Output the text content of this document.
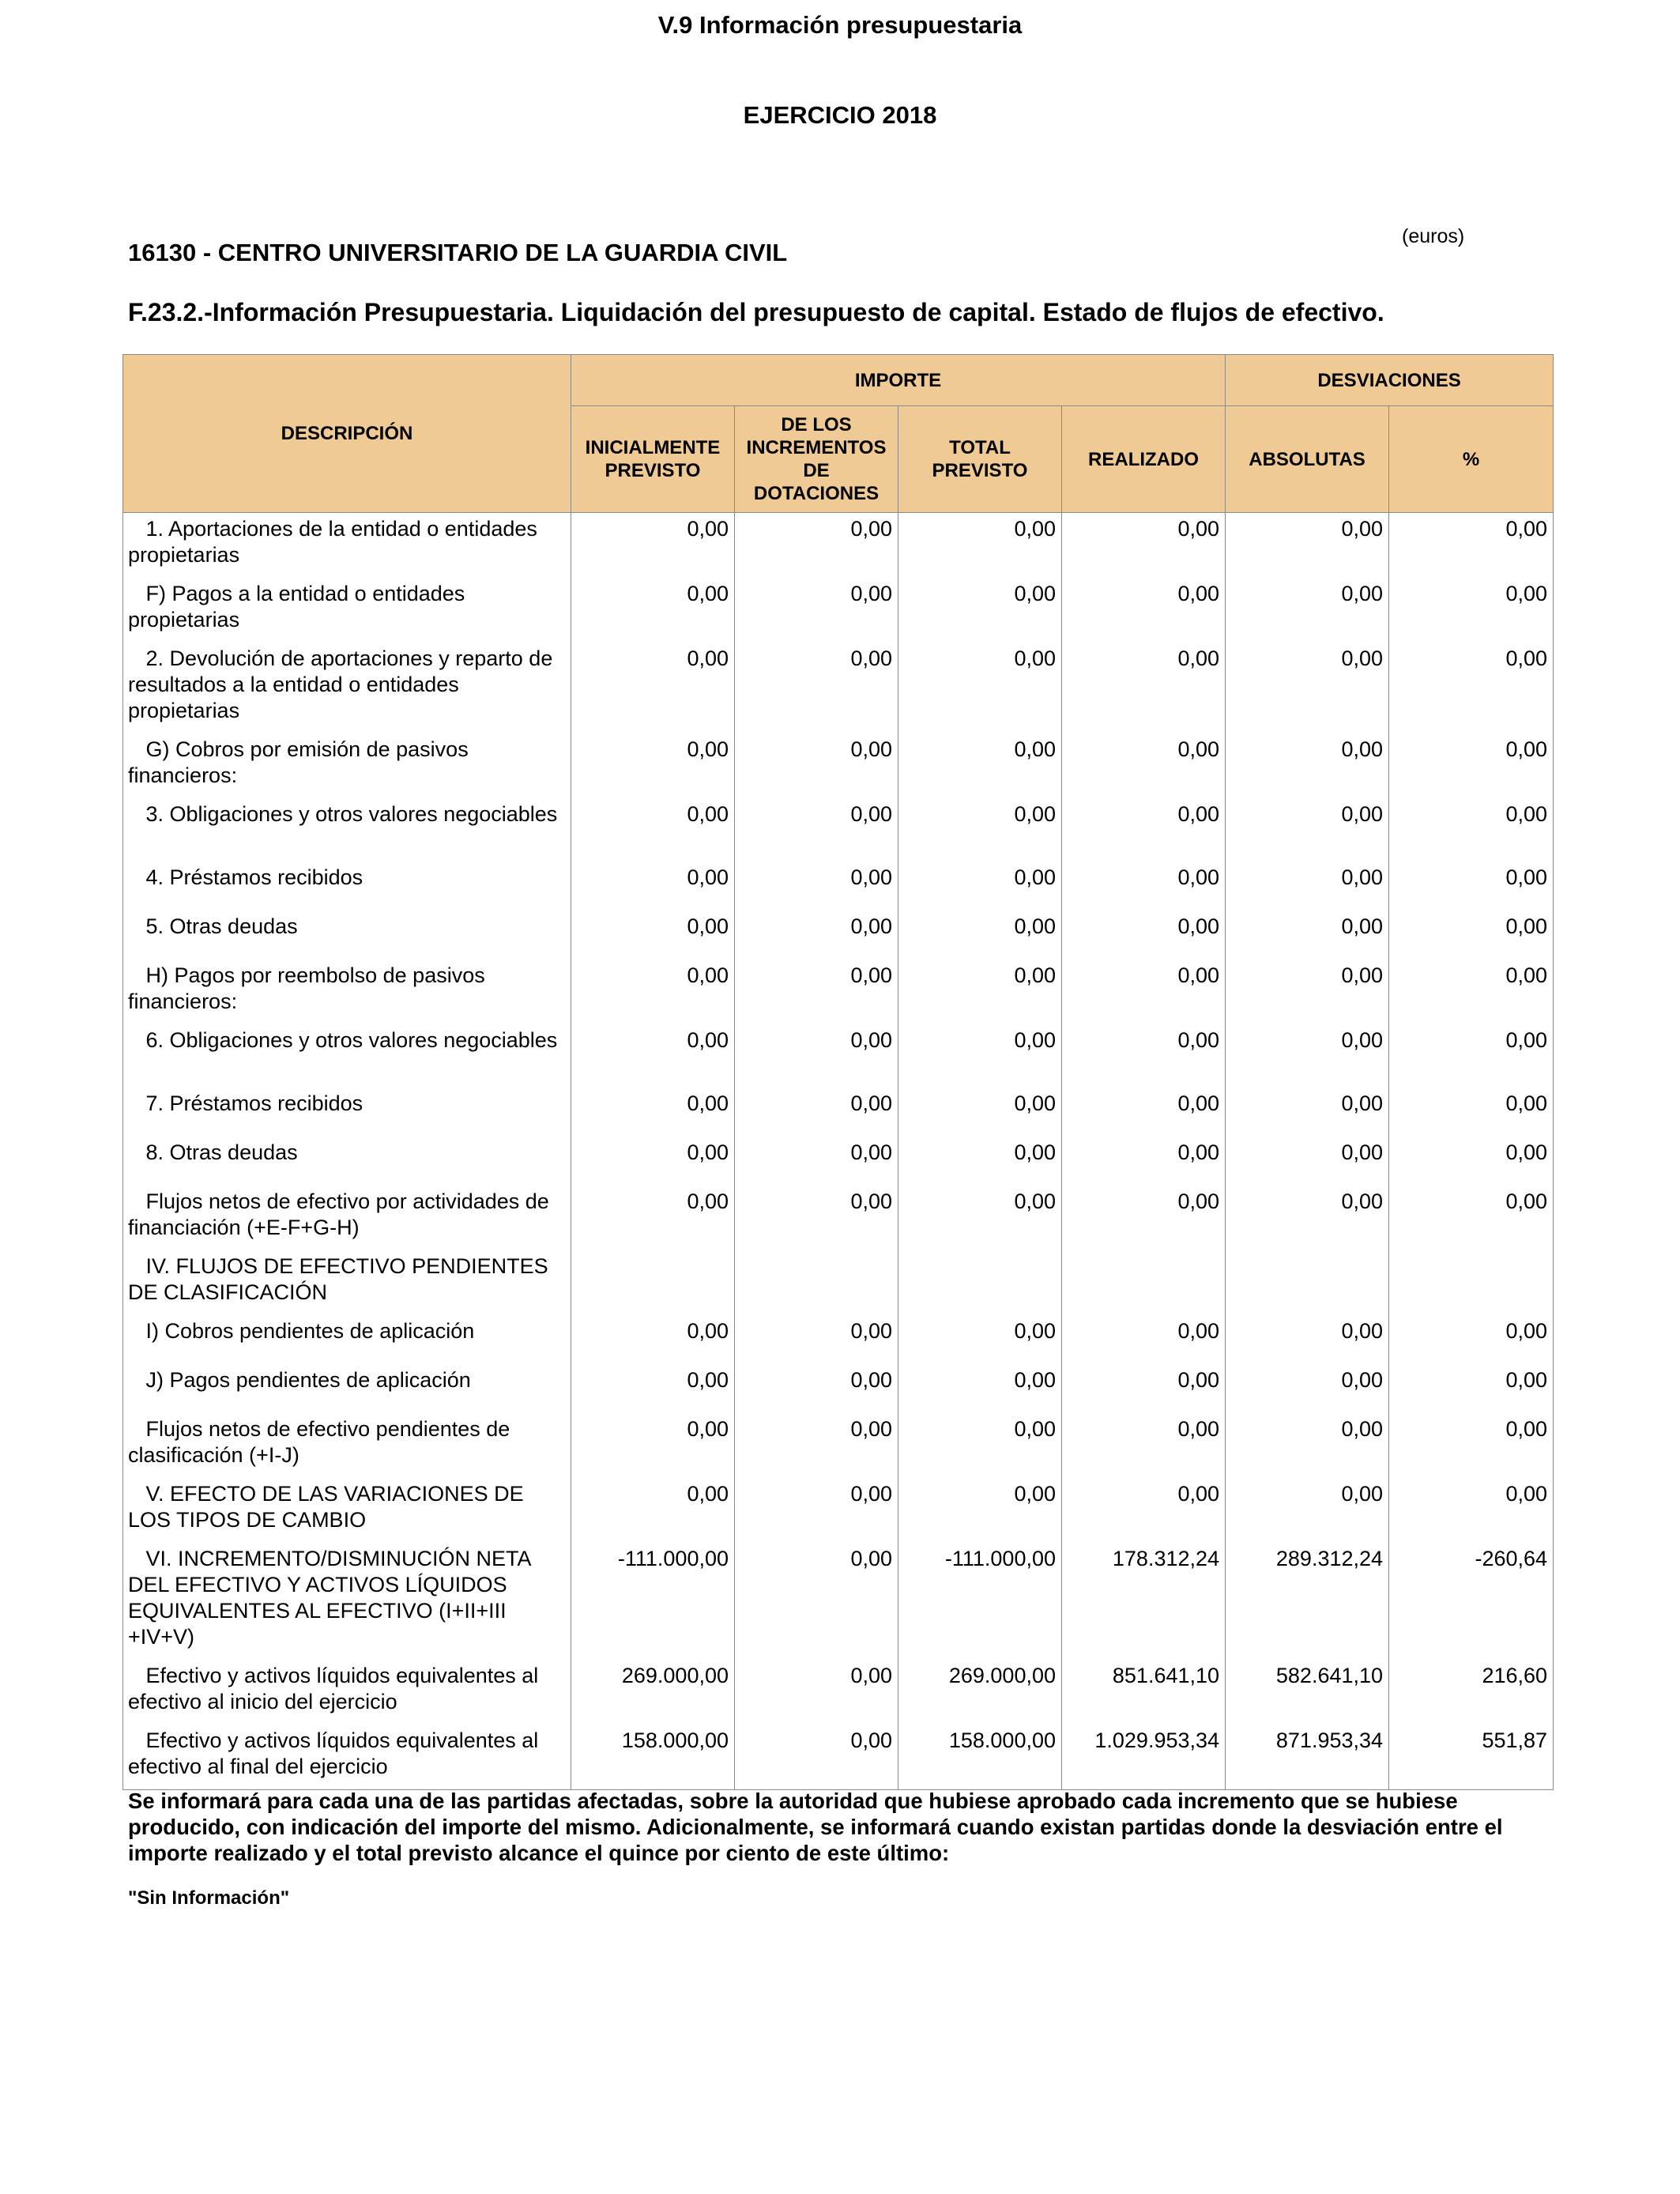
V.9 Información presupuestaria
EJERCICIO 2018
(euros)
16130 - CENTRO UNIVERSITARIO DE LA GUARDIA CIVIL
F.23.2.-Información Presupuestaria. Liquidación del presupuesto de capital. Estado de flujos de efectivo.
DESCRIPCIÓN	IMPORTE				DESVIACIONES	
	INICIALMENTE PREVISTO	DE LOS INCREMENTOS DE DOTACIONES	TOTAL PREVISTO	REALIZADO	ABSOLUTAS	%
1. Aportaciones de la entidad o entidades propietarias	0,00	0,00	0,00	0,00	0,00	0,00
F) Pagos a la entidad o entidades propietarias	0,00	0,00	0,00	0,00	0,00	0,00
2. Devolución de aportaciones y reparto de resultados a la entidad o entidades propietarias	0,00	0,00	0,00	0,00	0,00	0,00
G) Cobros por emisión de pasivos financieros:	0,00	0,00	0,00	0,00	0,00	0,00
3. Obligaciones y otros valores negociables	0,00	0,00	0,00	0,00	0,00	0,00
4. Préstamos recibidos	0,00	0,00	0,00	0,00	0,00	0,00
5. Otras deudas	0,00	0,00	0,00	0,00	0,00	0,00
H) Pagos por reembolso de pasivos financieros:	0,00	0,00	0,00	0,00	0,00	0,00
6. Obligaciones y otros valores negociables	0,00	0,00	0,00	0,00	0,00	0,00
7. Préstamos recibidos	0,00	0,00	0,00	0,00	0,00	0,00
8. Otras deudas	0,00	0,00	0,00	0,00	0,00	0,00
Flujos netos de efectivo por actividades de financiación (+E-F+G-H)	0,00	0,00	0,00	0,00	0,00	0,00
IV. FLUJOS DE EFECTIVO PENDIENTES DE CLASIFICACIÓN						
I) Cobros pendientes de aplicación	0,00	0,00	0,00	0,00	0,00	0,00
J) Pagos pendientes de aplicación	0,00	0,00	0,00	0,00	0,00	0,00
Flujos netos de efectivo pendientes de clasificación (+I-J)	0,00	0,00	0,00	0,00	0,00	0,00
V. EFECTO DE LAS VARIACIONES DE LOS TIPOS DE CAMBIO	0,00	0,00	0,00	0,00	0,00	0,00
VI. INCREMENTO/DISMINUCIÓN NETA DEL EFECTIVO Y ACTIVOS LÍQUIDOS EQUIVALENTES AL EFECTIVO (I+II+III +IV+V)	-111.000,00	0,00	-111.000,00	178.312,24	289.312,24	-260,64
Efectivo y activos líquidos equivalentes al efectivo al inicio del ejercicio	269.000,00	0,00	269.000,00	851.641,10	582.641,10	216,60
Efectivo y activos líquidos equivalentes al efectivo al final del ejercicio	158.000,00	0,00	158.000,00	1.029.953,34	871.953,34	551,87
Se informará para cada una de las partidas afectadas, sobre la autoridad que hubiese aprobado cada incremento que se hubiese producido, con indicación del importe del mismo. Adicionalmente, se informará cuando existan partidas donde la desviación entre el importe realizado y el total previsto alcance el quince por ciento de este último:
"Sin Información"
